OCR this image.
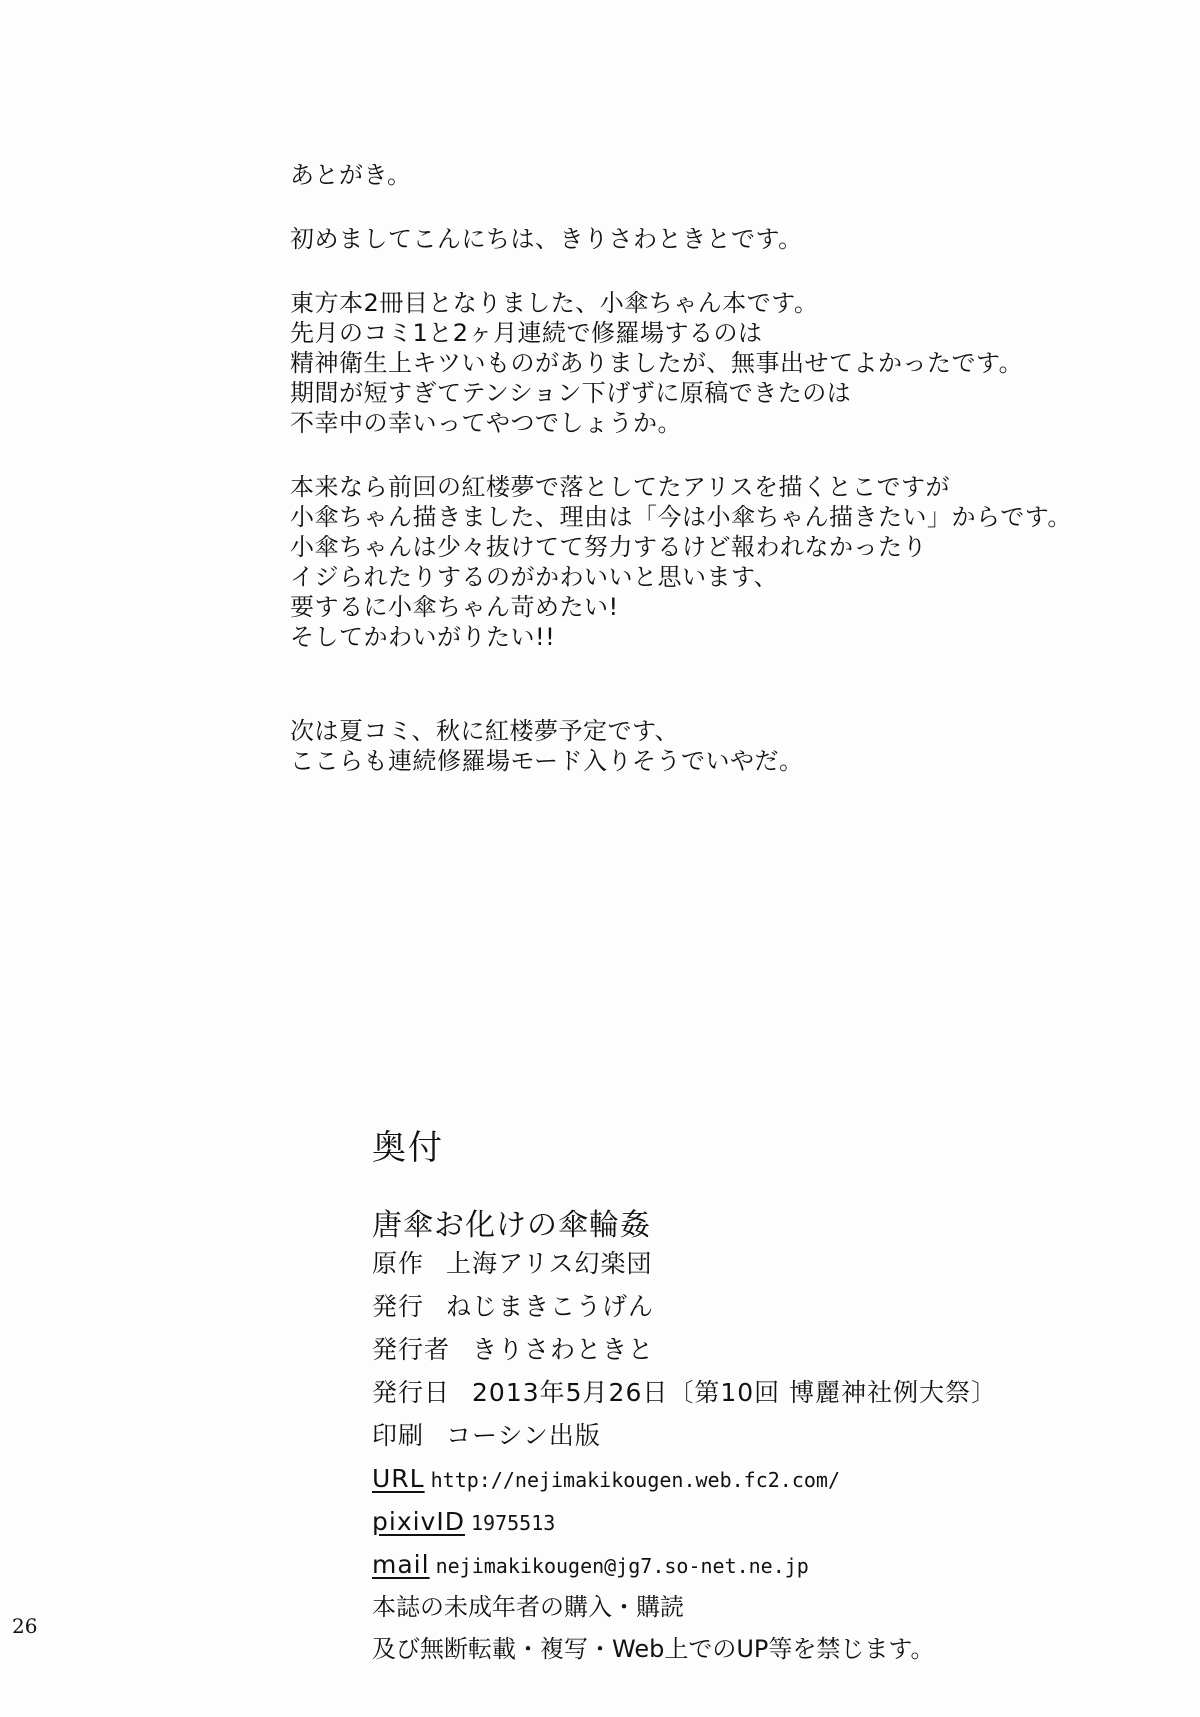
あとがき。
初めましてこんにちは、きりさわときとです。
東方本2冊目となりました、小傘ちゃん本です。
先月のコミ1と2ヶ月連続で修羅場するのは
精神衛生上キツいものがありましたが、無事出せてよかったです。
期間が短すぎてテンション下げずに原稿できたのは
不幸中の幸いってやつでしょうか。
本来なら前回の紅楼夢で落としてたアリスを描くとこですが
小傘ちゃん描きました、理由は「今は小傘ちゃん描きたい」からです。
小傘ちゃんは少々抜けてて努力するけど報われなかったり
イジられたりするのがかわいいと思います、
要するに小傘ちゃん苛めたい!
そしてかわいがりたい!!
次は夏コミ、秋に紅楼夢予定です、
ここらも連続修羅場モード入りそうでいやだ。
奥付
唐傘お化けの傘輪姦
原作 上海アリス幻楽団
発行 ねじまきこうげん
発行者 きりさわときと
発行日 2013年5月26日〔第10回 博麗神社例大祭〕
印刷 コーシン出版
URL http://nejimakikougen.web.fc2.com/
pixivID 1975513
mail nejimakikougen@jg7.so-net.ne.jp
本誌の未成年者の購入・購読
及び無断転載・複写・Web上でのUP等を禁じます。
26
